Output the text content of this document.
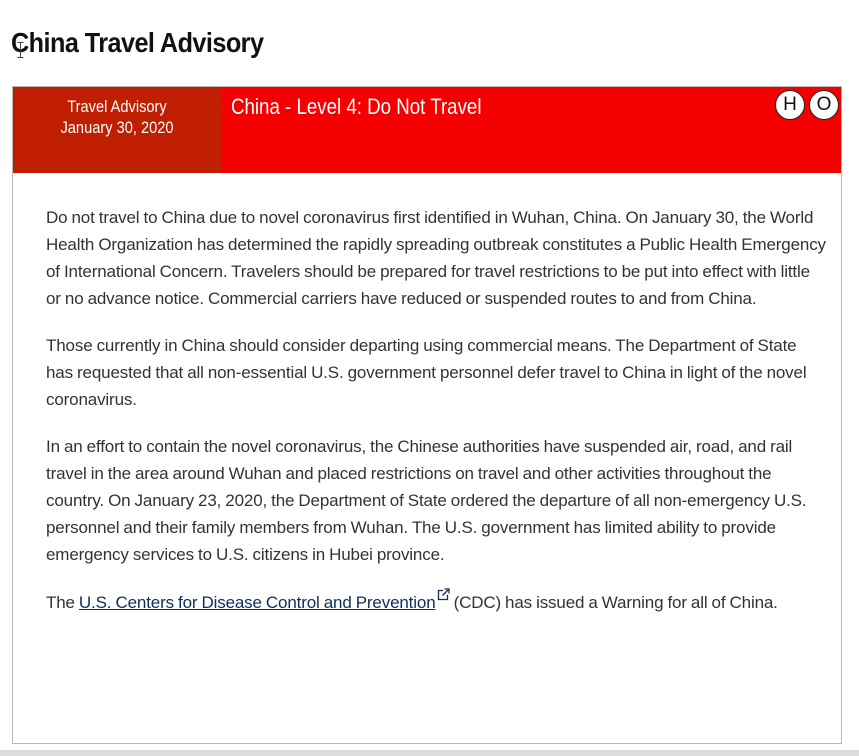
China Travel Advisory
Travel Advisory
January 30, 2020
China - Level 4: Do Not Travel	H	O

Do not travel to China due to novel coronavirus first identified in Wuhan, China. On January 30, the World Health Organization has determined the rapidly spreading outbreak constitutes a Public Health Emergency of International Concern. Travelers should be prepared for travel restrictions to be put into effect with little or no advance notice. Commercial carriers have reduced or suspended routes to and from China.

Those currently in China should consider departing using commercial means. The Department of State has requested that all non-essential U.S. government personnel defer travel to China in light of the novel coronavirus.

In an effort to contain the novel coronavirus, the Chinese authorities have suspended air, road, and rail travel in the area around Wuhan and placed restrictions on travel and other activities throughout the country. On January 23, 2020, the Department of State ordered the departure of all non-emergency U.S. personnel and their family members from Wuhan. The U.S. government has limited ability to provide emergency services to U.S. citizens in Hubei province.

The U.S. Centers for Disease Control and Prevention (CDC) has issued a Warning for all of China.
